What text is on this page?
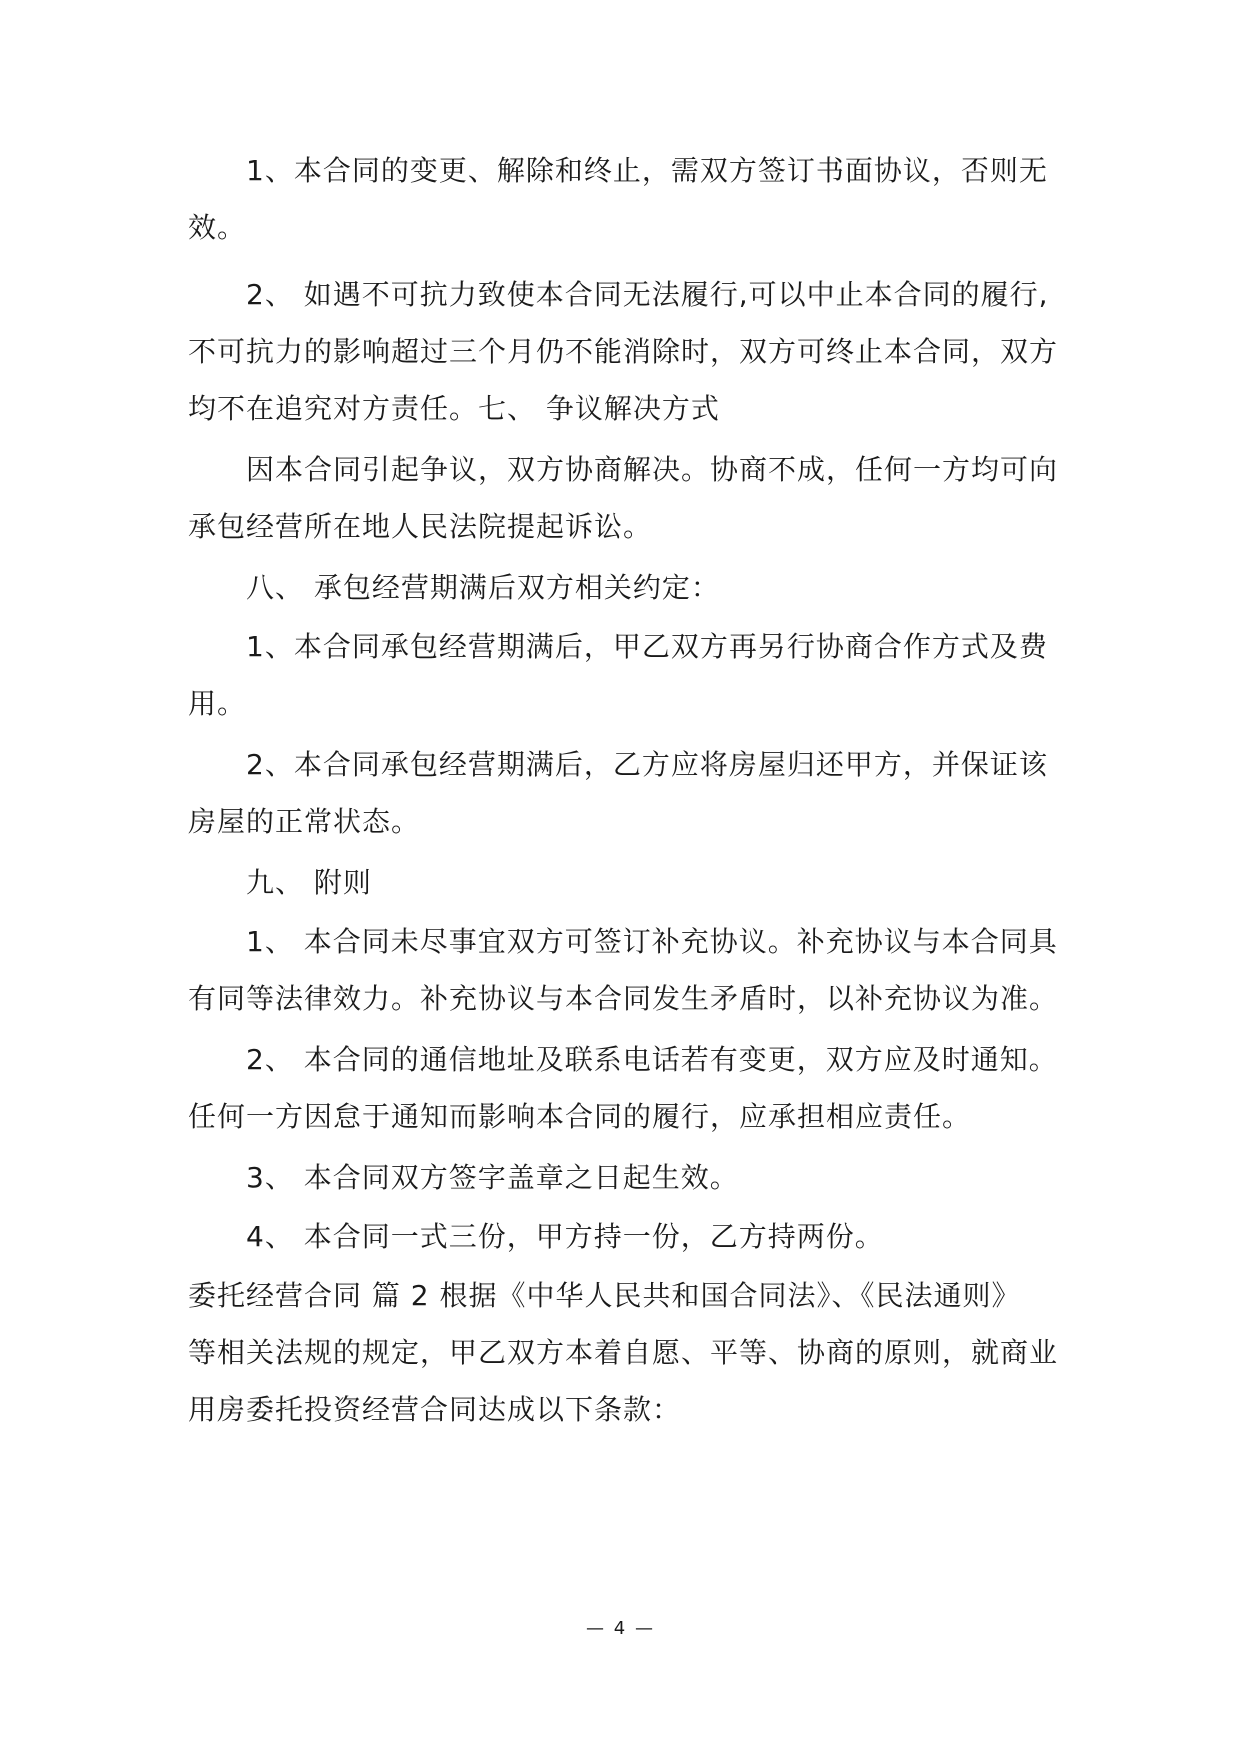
1、本合同的变更、解除和终止，需双方签订书面协议，否则无
效。
2、 如遇不可抗力致使本合同无法履行,可以中止本合同的履行,
不可抗力的影响超过三个月仍不能消除时，双方可终止本合同，双方
均不在追究对方责任。七、 争议解决方式
因本合同引起争议，双方协商解决。协商不成，任何一方均可向
承包经营所在地人民法院提起诉讼。
八、 承包经营期满后双方相关约定：
1、本合同承包经营期满后，甲乙双方再另行协商合作方式及费
用。
2、本合同承包经营期满后，乙方应将房屋归还甲方，并保证该
房屋的正常状态。
九、 附则
1、 本合同未尽事宜双方可签订补充协议。补充协议与本合同具
有同等法律效力。补充协议与本合同发生矛盾时，以补充协议为准。
2、 本合同的通信地址及联系电话若有变更，双方应及时通知。
任何一方因怠于通知而影响本合同的履行，应承担相应责任。
3、 本合同双方签字盖章之日起生效。
4、 本合同一式三份，甲方持一份，乙方持两份。
委托经营合同 篇 2 根据《中华人民共和国合同法》、《民法通则》
等相关法规的规定，甲乙双方本着自愿、平等、协商的原则，就商业
用房委托投资经营合同达成以下条款：
— 4 —
